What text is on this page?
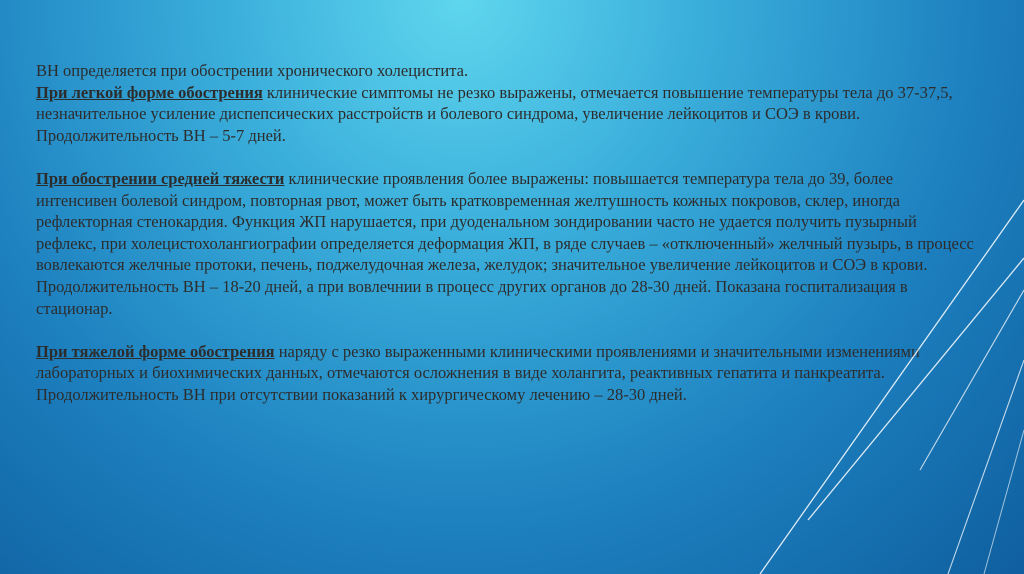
ВН определяется при обострении хронического холецистита.
При легкой форме обострения клинические симптомы не резко выражены, отмечается повышение температуры тела до 37-37,5, незначительное усиление диспепсических расстройств и болевого синдрома, увеличение лейкоцитов и СОЭ в крови. Продолжительность ВН – 5-7 дней.

При обострении средней тяжести клинические проявления более выражены: повышается температура тела до 39, более интенсивен болевой синдром, повторная рвот, может быть кратковременная желтушность кожных покровов, склер, иногда рефлекторная стенокардия. Функция ЖП нарушается, при дуоденальном зондировании часто не удается получить пузырный рефлекс, при холецистохолангиографии определяется деформация ЖП, в ряде случаев – «отключенный» желчный пузырь, в процесс вовлекаются желчные протоки, печень, поджелудочная железа, желудок; значительное увеличение лейкоцитов и СОЭ в крови. Продолжительность ВН – 18-20 дней, а при вовлечнии в процесс других органов до 28-30 дней. Показана госпитализация в стационар.

При тяжелой форме обострения наряду с резко выраженными клиническими проявлениями и значительными изменениями лабораторных и биохимических данных, отмечаются осложнения в виде холангита, реактивных гепатита и панкреатита. Продолжительность ВН при отсутствии показаний к хирургическому лечению – 28-30 дней.
